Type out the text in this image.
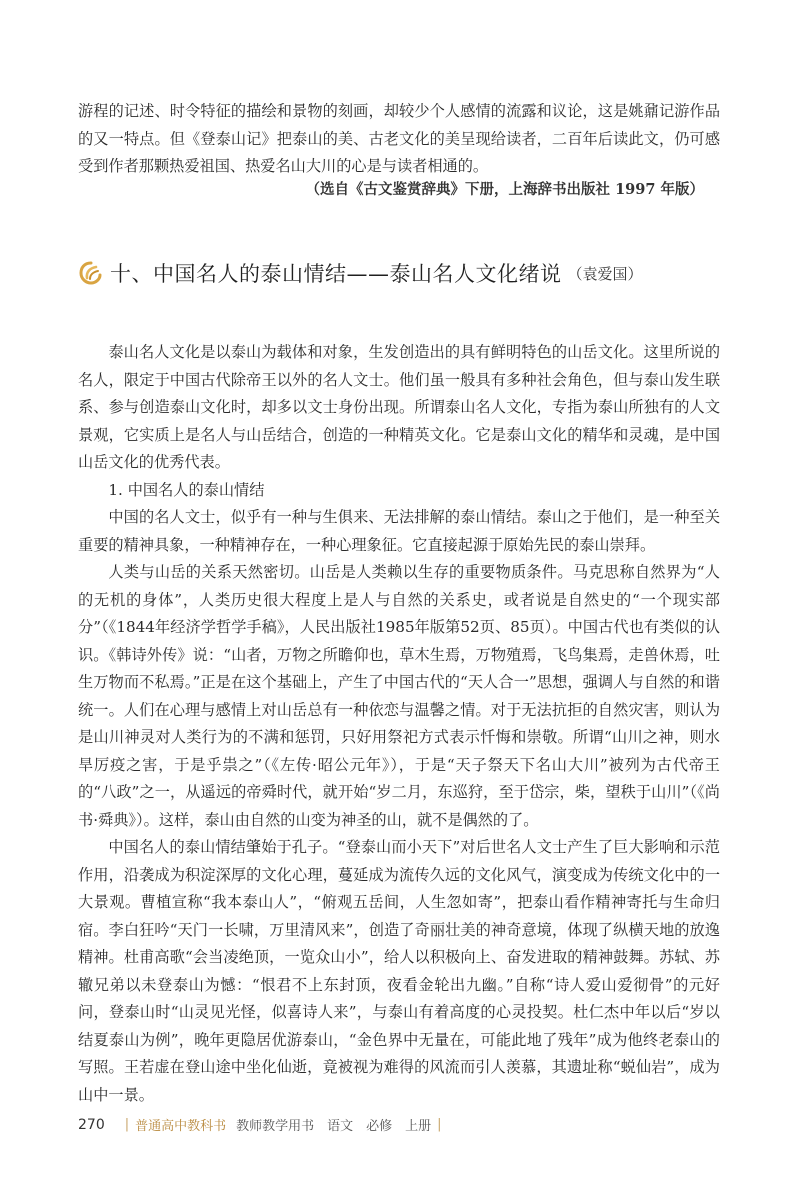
游程的记述、时令特征的描绘和景物的刻画，却较少个人感情的流露和议论，这是姚鼐记游作品的又一特点。但《登泰山记》把泰山的美、古老文化的美呈现给读者，二百年后读此文，仍可感受到作者那颗热爱祖国、热爱名山大川的心是与读者相通的。

（选自《古文鉴赏辞典》下册，上海辞书出版社 1997 年版）
十、中国名人的泰山情结——泰山名人文化绪说 （袁爱国）

泰山名人文化是以泰山为载体和对象，生发创造出的具有鲜明特色的山岳文化。这里所说的名人，限定于中国古代除帝王以外的名人文士。他们虽一般具有多种社会角色，但与泰山发生联系、参与创造泰山文化时，却多以文士身份出现。所谓泰山名人文化，专指为泰山所独有的人文景观，它实质上是名人与山岳结合，创造的一种精英文化。它是泰山文化的精华和灵魂，是中国山岳文化的优秀代表。

1. 中国名人的泰山情结

中国的名人文士，似乎有一种与生俱来、无法排解的泰山情结。泰山之于他们，是一种至关重要的精神具象，一种精神存在，一种心理象征。它直接起源于原始先民的泰山崇拜。

人类与山岳的关系天然密切。山岳是人类赖以生存的重要物质条件。马克思称自然界为“人的无机的身体”，人类历史很大程度上是人与自然的关系史，或者说是自然史的“一个现实部分”（《1844年经济学哲学手稿》，人民出版社1985年版第52页、85页）。中国古代也有类似的认识。《韩诗外传》说：“山者，万物之所瞻仰也，草木生焉，万物殖焉，飞鸟集焉，走兽休焉，吐生万物而不私焉。”正是在这个基础上，产生了中国古代的“天人合一”思想，强调人与自然的和谐统一。人们在心理与感情上对山岳总有一种依恋与温馨之情。对于无法抗拒的自然灾害，则认为是山川神灵对人类行为的不满和惩罚，只好用祭祀方式表示忏悔和崇敬。所谓“山川之神，则水旱厉疫之害，于是乎祟之”（《左传·昭公元年》），于是“天子祭天下名山大川”被列为古代帝王的“八政”之一，从遥远的帝舜时代，就开始“岁二月，东巡狩，至于岱宗，柴，望秩于山川”（《尚书·舜典》）。这样，泰山由自然的山变为神圣的山，就不是偶然的了。

中国名人的泰山情结肇始于孔子。“登泰山而小天下”对后世名人文士产生了巨大影响和示范作用，沿袭成为积淀深厚的文化心理，蔓延成为流传久远的文化风气，演变成为传统文化中的一大景观。曹植宣称“我本泰山人”，“俯观五岳间，人生忽如寄”，把泰山看作精神寄托与生命归宿。李白狂吟“天门一长啸，万里清风来”，创造了奇丽壮美的神奇意境，体现了纵横天地的放逸精神。杜甫高歌“会当凌绝顶，一览众山小”，给人以积极向上、奋发进取的精神鼓舞。苏轼、苏辙兄弟以未登泰山为憾：“恨君不上东封顶，夜看金轮出九幽。”自称“诗人爱山爱彻骨”的元好问，登泰山时“山灵见光怪，似喜诗人来”，与泰山有着高度的心灵投契。杜仁杰中年以后“岁以结夏泰山为例”，晚年更隐居优游泰山，“金色界中无量在，可能此地了残年”成为他终老泰山的写照。王若虚在登山途中坐化仙逝，竟被视为难得的风流而引人羡慕，其遗址称“蜕仙岩”，成为山中一景。

270 | 普通高中教科书 教师教学用书　语文　必修　上册 |
